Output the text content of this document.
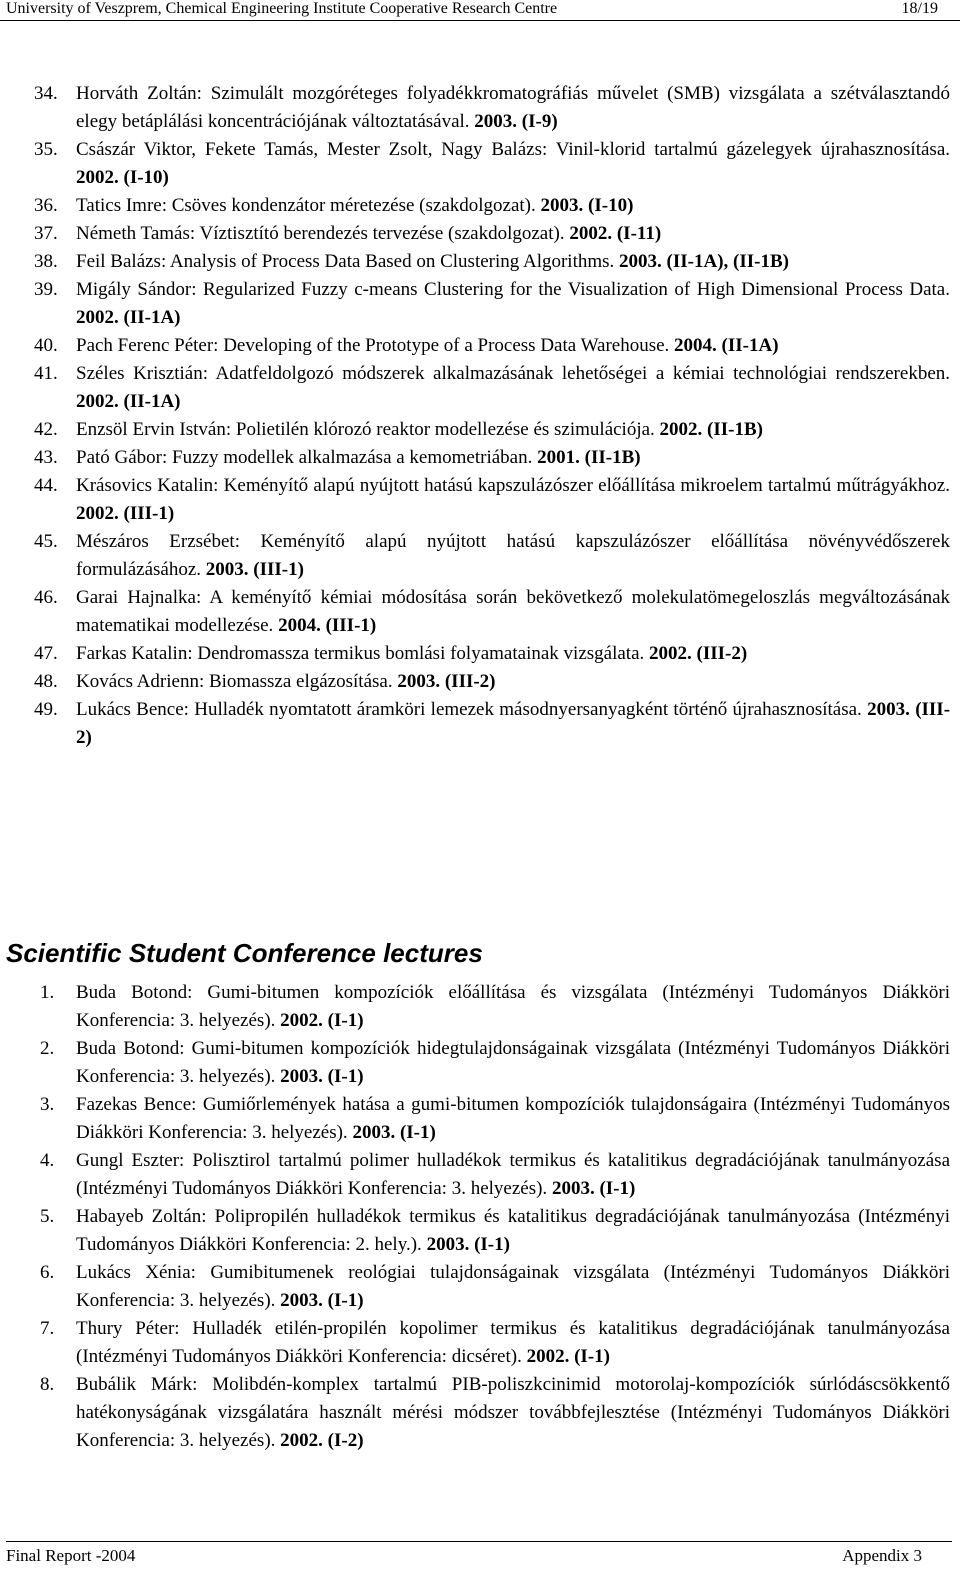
University of Veszprem, Chemical Engineering Institute Cooperative Research Centre	18/19
34. Horváth Zoltán: Szimulált mozgóréteges folyadékkromatográfiás művelet (SMB) vizsgálata a szétválasztandó elegy betáplálási koncentrációjának változtatásával. 2003. (I-9)
35. Császár Viktor, Fekete Tamás, Mester Zsolt, Nagy Balázs: Vinil-klorid tartalmú gázelegyek újrahasznosítása. 2002. (I-10)
36. Tatics Imre: Csöves kondenzátor méretezése (szakdolgozat). 2003. (I-10)
37. Németh Tamás: Víztisztító berendezés tervezése (szakdolgozat). 2002. (I-11)
38. Feil Balázs: Analysis of Process Data Based on Clustering Algorithms. 2003. (II-1A), (II-1B)
39. Migály Sándor: Regularized Fuzzy c-means Clustering for the Visualization of High Dimensional Process Data. 2002. (II-1A)
40. Pach Ferenc Péter: Developing of the Prototype of a Process Data Warehouse. 2004. (II-1A)
41. Széles Krisztián: Adatfeldolgozó módszerek alkalmazásának lehetőségei a kémiai technológiai rendszerekben. 2002. (II-1A)
42. Enzsöl Ervin István: Polietilén klórozó reaktor modellezése és szimulációja. 2002. (II-1B)
43. Pató Gábor: Fuzzy modellek alkalmazása a kemometriában. 2001. (II-1B)
44. Krásovics Katalin: Keményítő alapú nyújtott hatású kapszulázószer előállítása mikroelem tartalmú műtrágyákhoz. 2002. (III-1)
45. Mészáros Erzsébet: Keményítő alapú nyújtott hatású kapszulázószer előállítása növényvédőszerek formulázásához. 2003. (III-1)
46. Garai Hajnalka: A keményítő kémiai módosítása során bekövetkező molekulatömegeloszlás megváltozásának matematikai modellezése. 2004. (III-1)
47. Farkas Katalin: Dendromassza termikus bomlási folyamatainak vizsgálata. 2002. (III-2)
48. Kovács Adrienn: Biomassza elgázosítása. 2003. (III-2)
49. Lukács Bence: Hulladék nyomtatott áramköri lemezek másodnyersanyagként történő újrahasznosítása. 2003. (III-2)
Scientific Student Conference lectures
1.	Buda Botond: Gumi-bitumen kompozíciók előállítása és vizsgálata (Intézményi Tudományos Diákköri Konferencia: 3. helyezés). 2002. (I-1)
2.	Buda Botond: Gumi-bitumen kompozíciók hidegtulajdonságainak vizsgálata (Intézményi Tudományos Diákköri Konferencia: 3. helyezés). 2003. (I-1)
3.	Fazekas Bence: Gumiőrlemények hatása a gumi-bitumen kompozíciók tulajdonságaira (Intézményi Tudományos Diákköri Konferencia: 3. helyezés). 2003. (I-1)
4.	Gungl Eszter: Polisztirol tartalmú polimer hulladékok termikus és katalitikus degradációjának tanulmányozása (Intézményi Tudományos Diákköri Konferencia: 3. helyezés). 2003. (I-1)
5.	Habayeb Zoltán: Polipropilén hulladékok termikus és katalitikus degradációjának tanulmányozása (Intézményi Tudományos Diákköri Konferencia: 2. hely.). 2003. (I-1)
6.	Lukács Xénia: Gumibitumenek reológiai tulajdonságainak vizsgálata (Intézményi Tudományos Diákköri Konferencia: 3. helyezés). 2003. (I-1)
7.	Thury Péter: Hulladék etilén-propilén kopolimer termikus és katalitikus degradációjának tanulmányozása (Intézményi Tudományos Diákköri Konferencia: dicséret). 2002. (I-1)
8.	Bubálik Márk: Molibdén-komplex tartalmú PIB-poliszkcinimid motorolaj-kompozíciók súrlódáscsökkentő hatékonyságának vizsgálatára használt mérési módszer továbbfejlesztése (Intézményi Tudományos Diákköri Konferencia: 3. helyezés). 2002. (I-2)
Final Report -2004	Appendix 3
